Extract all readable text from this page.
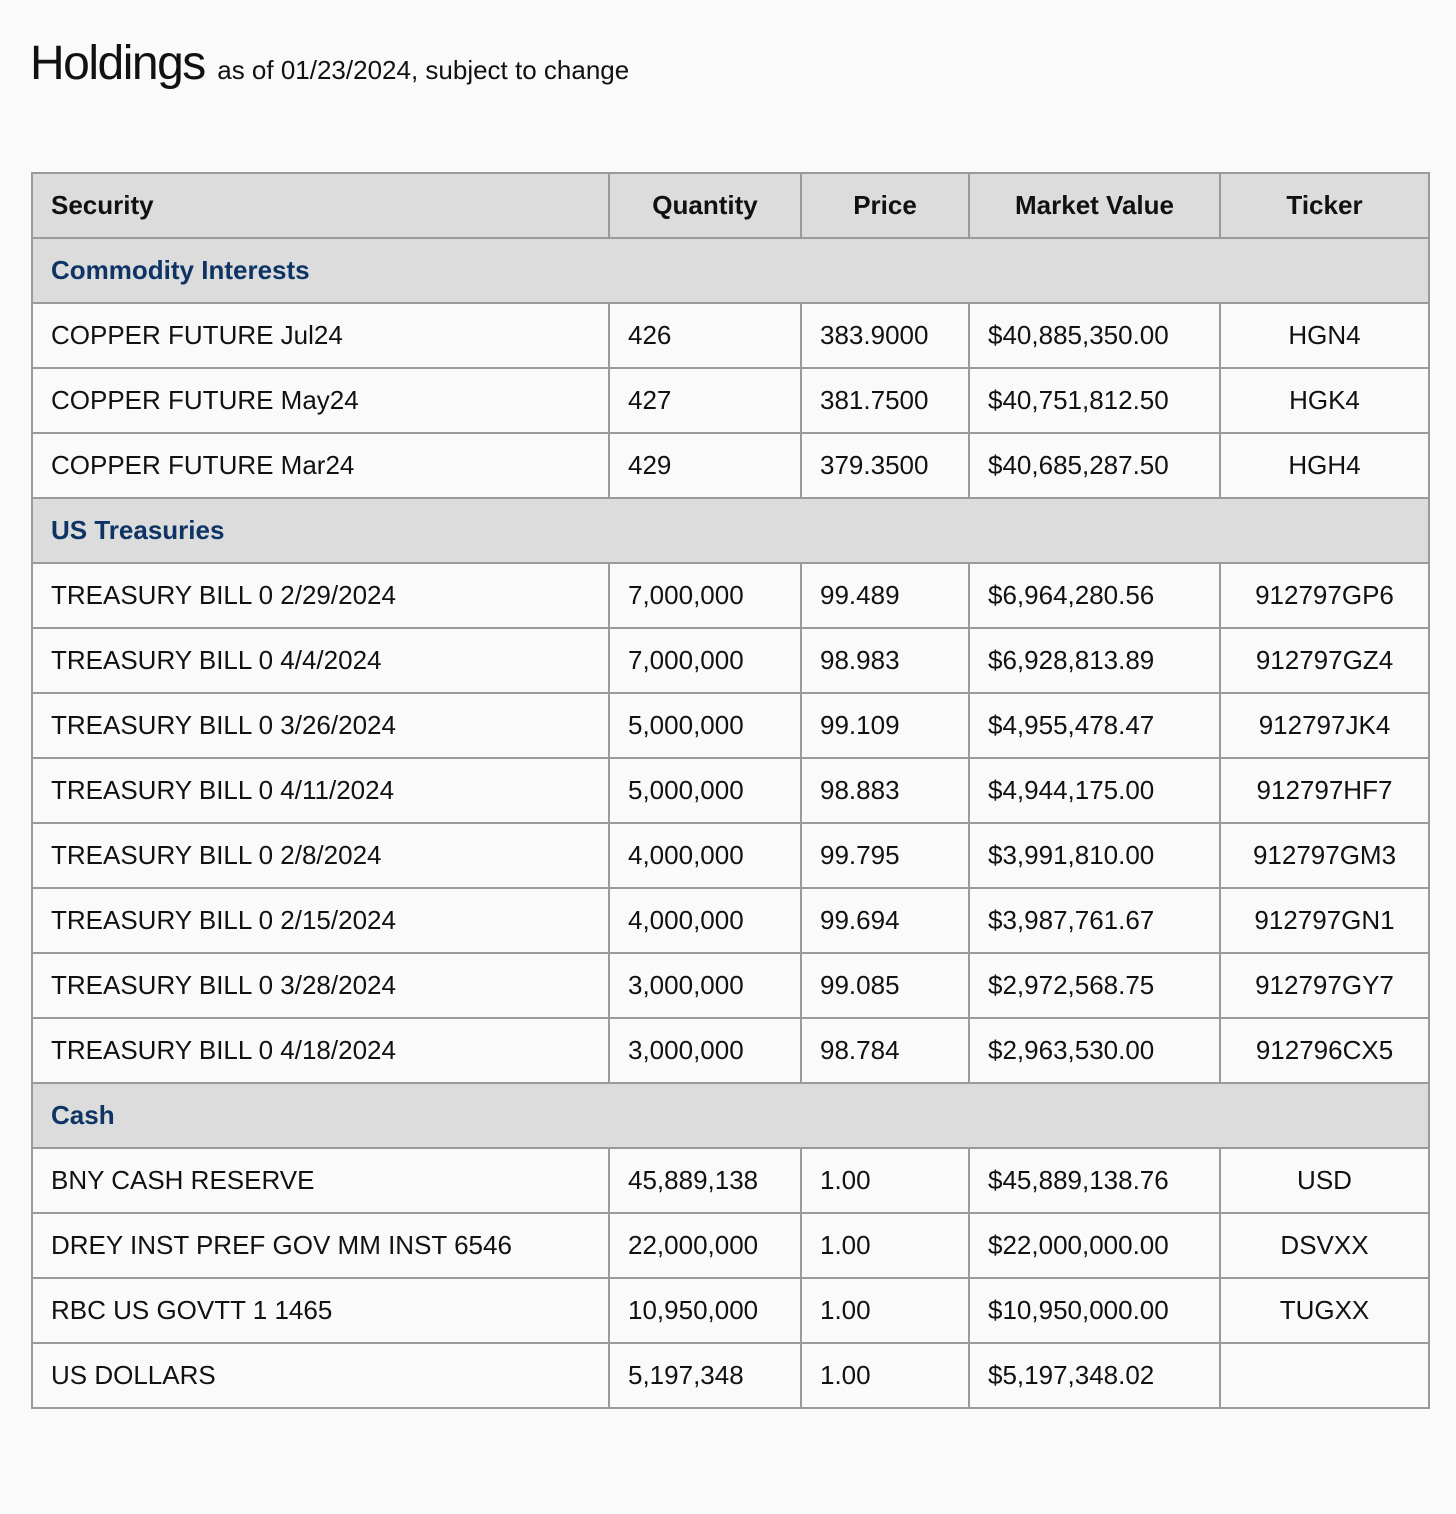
Holdings as of 01/23/2024, subject to change
Security	Quantity	Price	Market Value	Ticker
Commodity Interests				
COPPER FUTURE Jul24	426	383.9000	$40,885,350.00	HGN4
COPPER FUTURE May24	427	381.7500	$40,751,812.50	HGK4
COPPER FUTURE Mar24	429	379.3500	$40,685,287.50	HGH4
US Treasuries				
TREASURY BILL 0 2/29/2024	7,000,000	99.489	$6,964,280.56	912797GP6
TREASURY BILL 0 4/4/2024	7,000,000	98.983	$6,928,813.89	912797GZ4
TREASURY BILL 0 3/26/2024	5,000,000	99.109	$4,955,478.47	912797JK4
TREASURY BILL 0 4/11/2024	5,000,000	98.883	$4,944,175.00	912797HF7
TREASURY BILL 0 2/8/2024	4,000,000	99.795	$3,991,810.00	912797GM3
TREASURY BILL 0 2/15/2024	4,000,000	99.694	$3,987,761.67	912797GN1
TREASURY BILL 0 3/28/2024	3,000,000	99.085	$2,972,568.75	912797GY7
TREASURY BILL 0 4/18/2024	3,000,000	98.784	$2,963,530.00	912796CX5
Cash				
BNY CASH RESERVE	45,889,138	1.00	$45,889,138.76	USD
DREY INST PREF GOV MM INST 6546	22,000,000	1.00	$22,000,000.00	DSVXX
RBC US GOVTT 1 1465	10,950,000	1.00	$10,950,000.00	TUGXX
US DOLLARS	5,197,348	1.00	$5,197,348.02	
